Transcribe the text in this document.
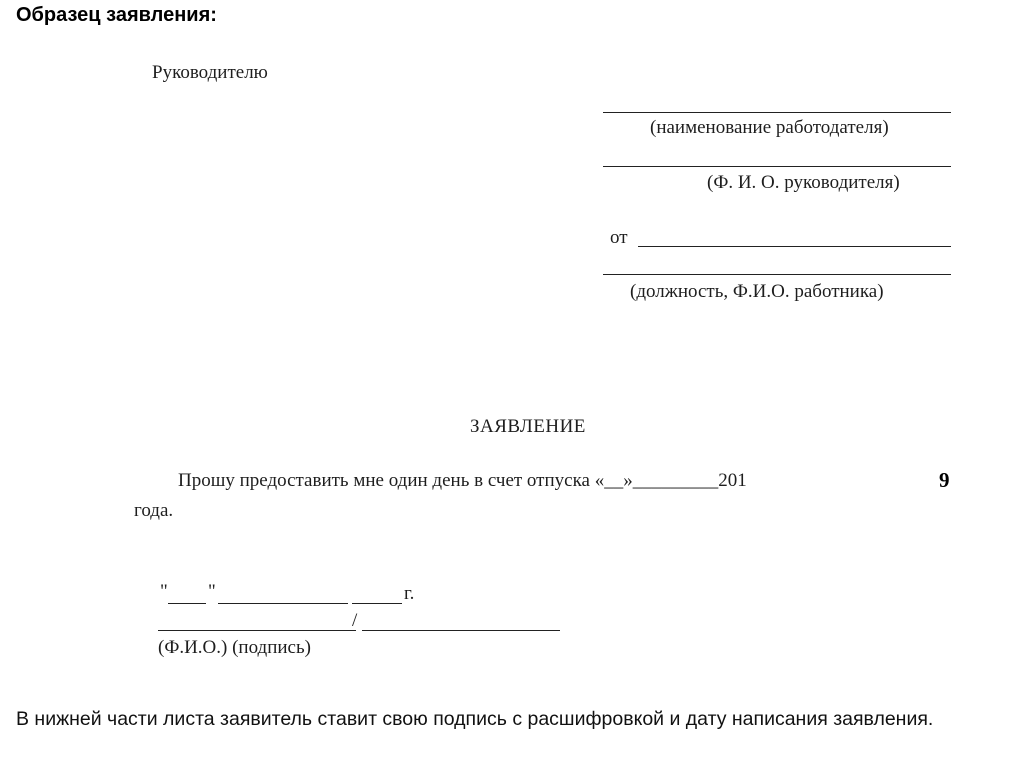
Образец заявления:
Руководителю
(наименование работодателя)
(Ф. И. О. руководителя)
от
(должность, Ф.И.О. работника)
ЗАЯВЛЕНИЕ
Прошу предоставить мне один день в счет отпуска «__»_________201	9
года.
" "	г.
/
(Ф.И.О.) (подпись)
В нижней части листа заявитель ставит свою подпись с расшифровкой и дату написания заявления.
